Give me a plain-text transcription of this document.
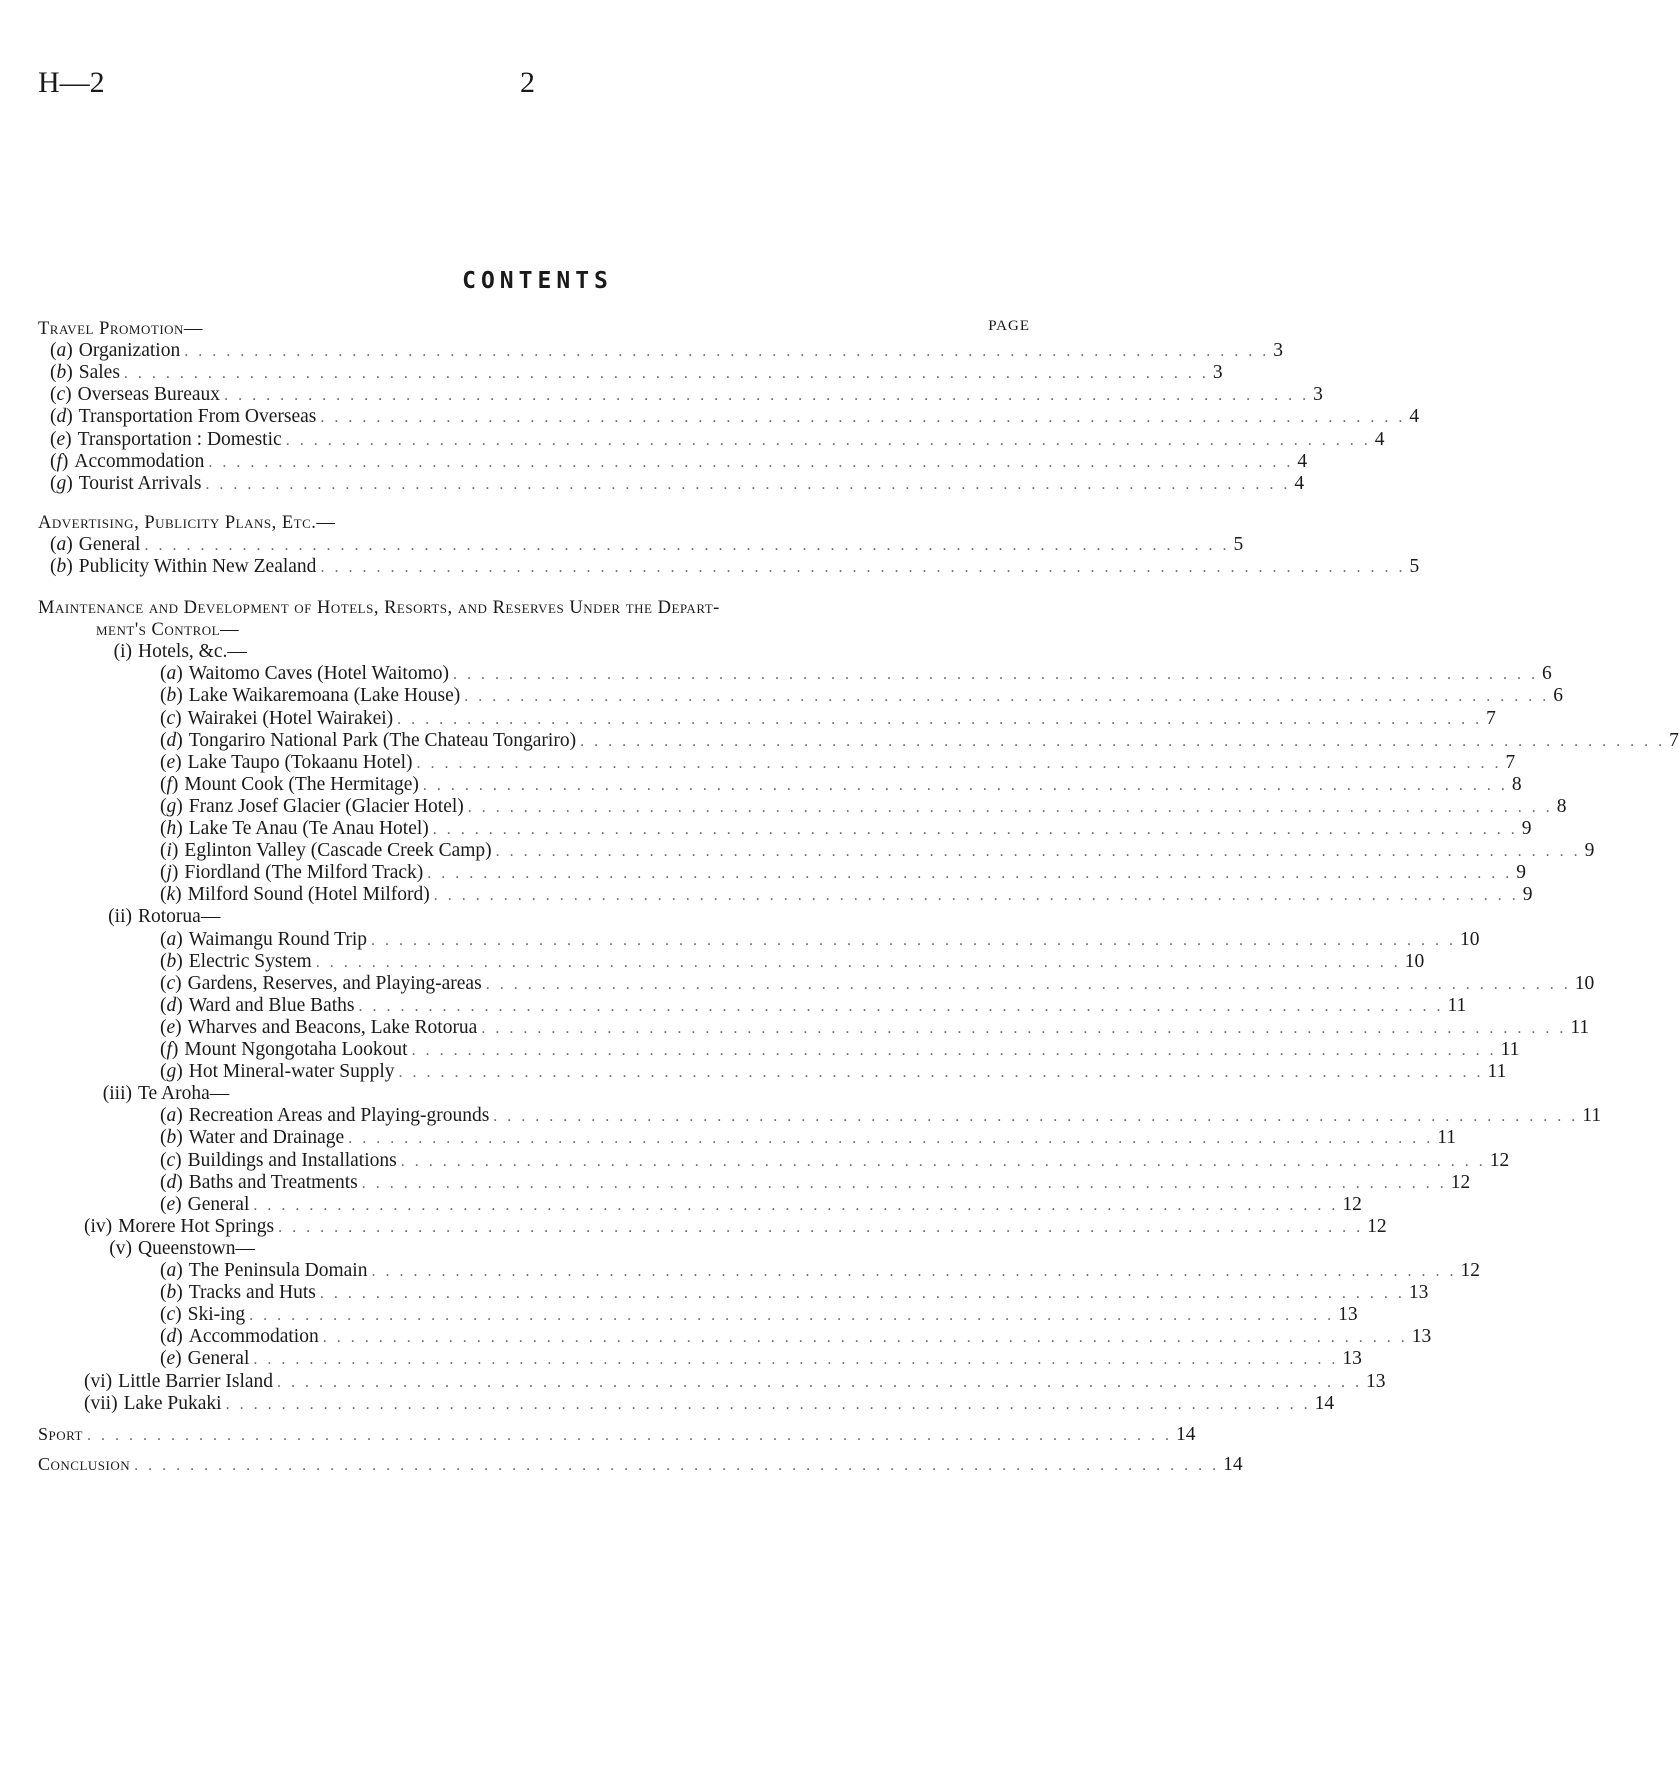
H—2	2
CONTENTS
PAGE
Travel Promotion—
(a) Organization . . . . . . . . . . . . . . . . . . . . . . . . . . . . . . . . . . . . . . . . . . . . . . . . . . . . . . . . . . . . . . . . . . . . . . . . . . . . . . 3
(b) Sales . . . . . . . . . . . . . . . . . . . . . . . . . . . . . . . . . . . . . . . . . . . . . . . . . . . . . . . . . . . . . . . . . . . . . . . . . . . . . . 3
(c) Overseas Bureaux . . . . . . . . . . . . . . . . . . . . . . . . . . . . . . . . . . . . . . . . . . . . . . . . . . . . . . . . . . . . . . . . . . . . . . . . . . . . . . 3
(d) Transportation From Overseas . . . . . . . . . . . . . . . . . . . . . . . . . . . . . . . . . . . . . . . . . . . . . . . . . . . . . . . . . . . . . . . . . . . . . . . . . . . . . . 4
(e) Transportation : Domestic . . . . . . . . . . . . . . . . . . . . . . . . . . . . . . . . . . . . . . . . . . . . . . . . . . . . . . . . . . . . . . . . . . . . . . . . . . . . . . 4
(f) Accommodation . . . . . . . . . . . . . . . . . . . . . . . . . . . . . . . . . . . . . . . . . . . . . . . . . . . . . . . . . . . . . . . . . . . . . . . . . . . . . . 4
(g) Tourist Arrivals . . . . . . . . . . . . . . . . . . . . . . . . . . . . . . . . . . . . . . . . . . . . . . . . . . . . . . . . . . . . . . . . . . . . . . . . . . . . . . 4
Advertising, Publicity Plans, Etc.—
(a) General . . . . . . . . . . . . . . . . . . . . . . . . . . . . . . . . . . . . . . . . . . . . . . . . . . . . . . . . . . . . . . . . . . . . . . . . . . . . . . 5
(b) Publicity Within New Zealand . . . . . . . . . . . . . . . . . . . . . . . . . . . . . . . . . . . . . . . . . . . . . . . . . . . . . . . . . . . . . . . . . . . . . . . . . . . . . . 5
Maintenance and Development of Hotels, Resorts, and Reserves Under the Depart-
ment's Control—
(i) Hotels, &c.—
(a) Waitomo Caves (Hotel Waitomo) . . . . . . . . . . . . . . . . . . . . . . . . . . . . . . . . . . . . . . . . . . . . . . . . . . . . . . . . . . . . . . . . . . . . . . . . . . . . . . 6
(b) Lake Waikaremoana (Lake House) . . . . . . . . . . . . . . . . . . . . . . . . . . . . . . . . . . . . . . . . . . . . . . . . . . . . . . . . . . . . . . . . . . . . . . . . . . . . . . 6
(c) Wairakei (Hotel Wairakei) . . . . . . . . . . . . . . . . . . . . . . . . . . . . . . . . . . . . . . . . . . . . . . . . . . . . . . . . . . . . . . . . . . . . . . . . . . . . . . 7
(d) Tongariro National Park (The Chateau Tongariro) . . . . . . . . . . . . . . . . . . . . . . . . . . . . . . . . . . . . . . . . . . . . . . . . . . . . . . . . . . . . . . . . . . . . . . . . . . . . . . 7
(e) Lake Taupo (Tokaanu Hotel) . . . . . . . . . . . . . . . . . . . . . . . . . . . . . . . . . . . . . . . . . . . . . . . . . . . . . . . . . . . . . . . . . . . . . . . . . . . . . . 7
(f) Mount Cook (The Hermitage) . . . . . . . . . . . . . . . . . . . . . . . . . . . . . . . . . . . . . . . . . . . . . . . . . . . . . . . . . . . . . . . . . . . . . . . . . . . . . . 8
(g) Franz Josef Glacier (Glacier Hotel) . . . . . . . . . . . . . . . . . . . . . . . . . . . . . . . . . . . . . . . . . . . . . . . . . . . . . . . . . . . . . . . . . . . . . . . . . . . . . . 8
(h) Lake Te Anau (Te Anau Hotel) . . . . . . . . . . . . . . . . . . . . . . . . . . . . . . . . . . . . . . . . . . . . . . . . . . . . . . . . . . . . . . . . . . . . . . . . . . . . . . 9
(i) Eglinton Valley (Cascade Creek Camp) . . . . . . . . . . . . . . . . . . . . . . . . . . . . . . . . . . . . . . . . . . . . . . . . . . . . . . . . . . . . . . . . . . . . . . . . . . . . . . 9
(j) Fiordland (The Milford Track) . . . . . . . . . . . . . . . . . . . . . . . . . . . . . . . . . . . . . . . . . . . . . . . . . . . . . . . . . . . . . . . . . . . . . . . . . . . . . . 9
(k) Milford Sound (Hotel Milford) . . . . . . . . . . . . . . . . . . . . . . . . . . . . . . . . . . . . . . . . . . . . . . . . . . . . . . . . . . . . . . . . . . . . . . . . . . . . . . 9
(ii) Rotorua—
(a) Waimangu Round Trip . . . . . . . . . . . . . . . . . . . . . . . . . . . . . . . . . . . . . . . . . . . . . . . . . . . . . . . . . . . . . . . . . . . . . . . . . . . . . . 10
(b) Electric System . . . . . . . . . . . . . . . . . . . . . . . . . . . . . . . . . . . . . . . . . . . . . . . . . . . . . . . . . . . . . . . . . . . . . . . . . . . . . . 10
(c) Gardens, Reserves, and Playing-areas . . . . . . . . . . . . . . . . . . . . . . . . . . . . . . . . . . . . . . . . . . . . . . . . . . . . . . . . . . . . . . . . . . . . . . . . . . . . . . 10
(d) Ward and Blue Baths . . . . . . . . . . . . . . . . . . . . . . . . . . . . . . . . . . . . . . . . . . . . . . . . . . . . . . . . . . . . . . . . . . . . . . . . . . . . . . 11
(e) Wharves and Beacons, Lake Rotorua . . . . . . . . . . . . . . . . . . . . . . . . . . . . . . . . . . . . . . . . . . . . . . . . . . . . . . . . . . . . . . . . . . . . . . . . . . . . . . 11
(f) Mount Ngongotaha Lookout . . . . . . . . . . . . . . . . . . . . . . . . . . . . . . . . . . . . . . . . . . . . . . . . . . . . . . . . . . . . . . . . . . . . . . . . . . . . . . 11
(g) Hot Mineral-water Supply . . . . . . . . . . . . . . . . . . . . . . . . . . . . . . . . . . . . . . . . . . . . . . . . . . . . . . . . . . . . . . . . . . . . . . . . . . . . . . 11
(iii) Te Aroha—
(a) Recreation Areas and Playing-grounds . . . . . . . . . . . . . . . . . . . . . . . . . . . . . . . . . . . . . . . . . . . . . . . . . . . . . . . . . . . . . . . . . . . . . . . . . . . . . . 11
(b) Water and Drainage . . . . . . . . . . . . . . . . . . . . . . . . . . . . . . . . . . . . . . . . . . . . . . . . . . . . . . . . . . . . . . . . . . . . . . . . . . . . . . 11
(c) Buildings and Installations . . . . . . . . . . . . . . . . . . . . . . . . . . . . . . . . . . . . . . . . . . . . . . . . . . . . . . . . . . . . . . . . . . . . . . . . . . . . . . 12
(d) Baths and Treatments . . . . . . . . . . . . . . . . . . . . . . . . . . . . . . . . . . . . . . . . . . . . . . . . . . . . . . . . . . . . . . . . . . . . . . . . . . . . . . 12
(e) General . . . . . . . . . . . . . . . . . . . . . . . . . . . . . . . . . . . . . . . . . . . . . . . . . . . . . . . . . . . . . . . . . . . . . . . . . . . . . . 12
(iv) Morere Hot Springs . . . . . . . . . . . . . . . . . . . . . . . . . . . . . . . . . . . . . . . . . . . . . . . . . . . . . . . . . . . . . . . . . . . . . . . . . . . . . . 12
(v) Queenstown—
(a) The Peninsula Domain . . . . . . . . . . . . . . . . . . . . . . . . . . . . . . . . . . . . . . . . . . . . . . . . . . . . . . . . . . . . . . . . . . . . . . . . . . . . . . 12
(b) Tracks and Huts . . . . . . . . . . . . . . . . . . . . . . . . . . . . . . . . . . . . . . . . . . . . . . . . . . . . . . . . . . . . . . . . . . . . . . . . . . . . . . 13
(c) Ski-ing . . . . . . . . . . . . . . . . . . . . . . . . . . . . . . . . . . . . . . . . . . . . . . . . . . . . . . . . . . . . . . . . . . . . . . . . . . . . . . 13
(d) Accommodation . . . . . . . . . . . . . . . . . . . . . . . . . . . . . . . . . . . . . . . . . . . . . . . . . . . . . . . . . . . . . . . . . . . . . . . . . . . . . . 13
(e) General . . . . . . . . . . . . . . . . . . . . . . . . . . . . . . . . . . . . . . . . . . . . . . . . . . . . . . . . . . . . . . . . . . . . . . . . . . . . . . 13
(vi) Little Barrier Island . . . . . . . . . . . . . . . . . . . . . . . . . . . . . . . . . . . . . . . . . . . . . . . . . . . . . . . . . . . . . . . . . . . . . . . . . . . . . . 13
(vii) Lake Pukaki . . . . . . . . . . . . . . . . . . . . . . . . . . . . . . . . . . . . . . . . . . . . . . . . . . . . . . . . . . . . . . . . . . . . . . . . . . . . . . 14
Sport . . . . . . . . . . . . . . . . . . . . . . . . . . . . . . . . . . . . . . . . . . . . . . . . . . . . . . . . . . . . . . . . . . . . . . . . . . . . . . 14
Conclusion . . . . . . . . . . . . . . . . . . . . . . . . . . . . . . . . . . . . . . . . . . . . . . . . . . . . . . . . . . . . . . . . . . . . . . . . . . . . . . 14
